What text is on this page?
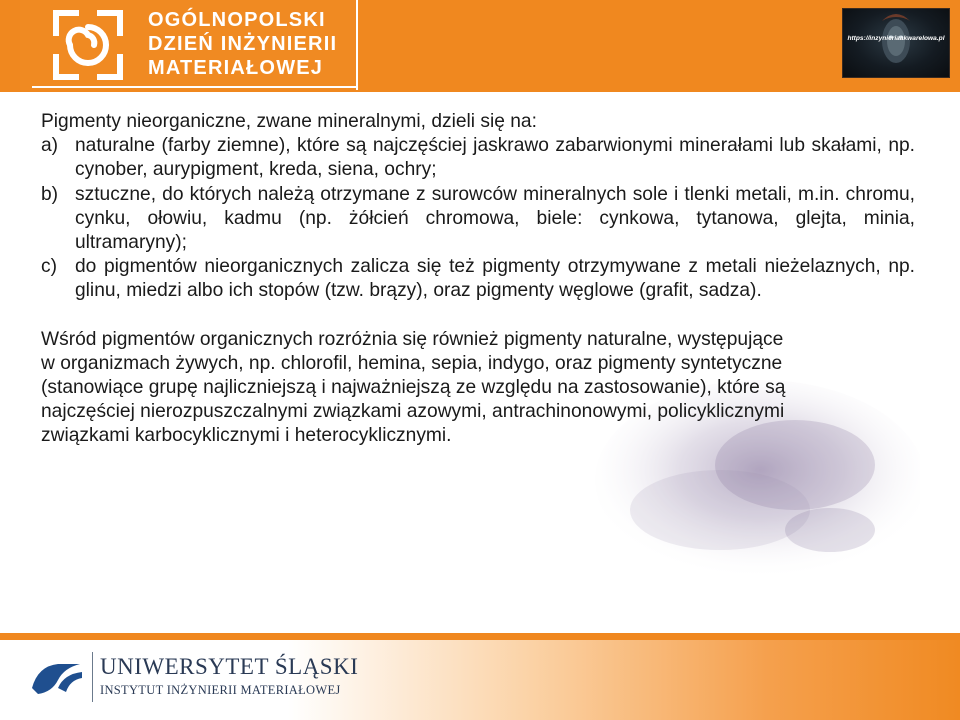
OGÓLNOPOLSKI
DZIEŃ INŻYNIERII
MATERIAŁOWEJ
https://inzynieriaakwarelowa.pl

Pigmenty nieorganiczne, zwane mineralnymi, dzieli się na:

a) naturalne (farby ziemne), które są najczęściej jaskrawo zabarwionymi minerałami lub skałami, np. cynober, aurypigment, kreda, siena, ochry;
b) sztuczne, do których należą otrzymane z surowców mineralnych sole i tlenki metali, m.in. chromu, cynku, ołowiu, kadmu (np. żółcień chromowa, biele: cynkowa, tytanowa, glejta, minia, ultramaryny);
c) do pigmentów nieorganicznych zalicza się też pigmenty otrzymywane z metali nieżelaznych, np. glinu, miedzi albo ich stopów (tzw. brązy), oraz pigmenty węglowe (grafit, sadza).

Wśród pigmentów organicznych rozróżnia się również pigmenty naturalne, występujące

w organizmach żywych, np. chlorofil, hemina, sepia, indygo, oraz pigmenty syntetyczne

(stanowiące grupę najliczniejszą i najważniejszą ze względu na zastosowanie), które są

najczęściej nierozpuszczalnymi związkami azowymi, antrachinonowymi, policyklicznymi

związkami karbocyklicznymi i heterocyklicznymi.

UNIWERSYTET ŚLĄSKI
INSTYTUT INŻYNIERII MATERIAŁOWEJ
